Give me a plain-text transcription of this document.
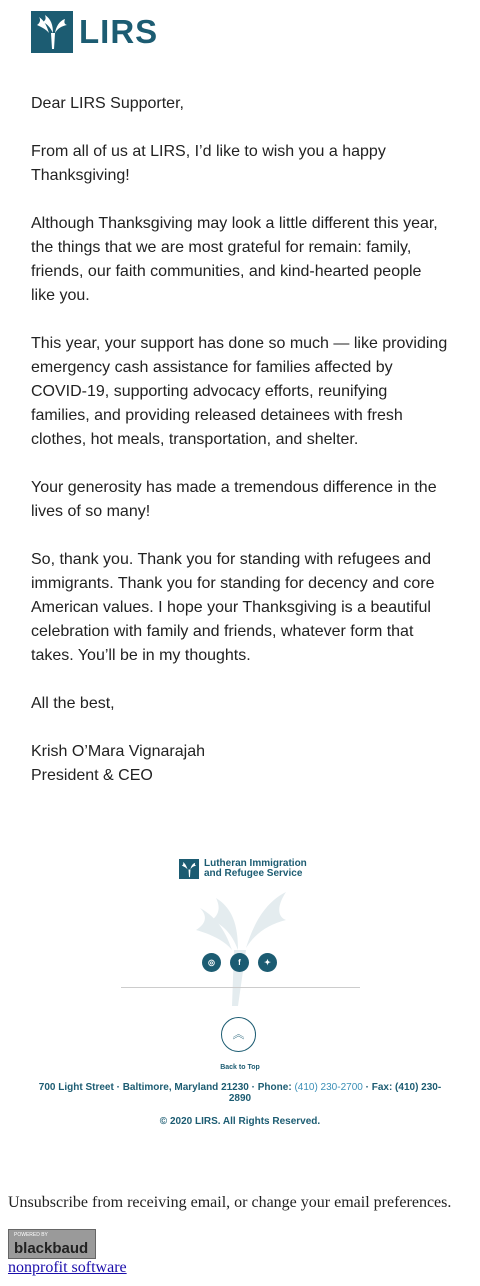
LIRS

Dear LIRS Supporter,

From all of us at LIRS, I’d like to wish you a happy Thanksgiving!

Although Thanksgiving may look a little different this year, the things that we are most grateful for remain: family, friends, our faith communities, and kind-hearted people like you.

This year, your support has done so much — like providing emergency cash assistance for families affected by COVID-19, supporting advocacy efforts, reunifying families, and providing released detainees with fresh clothes, hot meals, transportation, and shelter.

Your generosity has made a tremendous difference in the lives of so many!

So, thank you. Thank you for standing with refugees and immigrants. Thank you for standing for decency and core American values. I hope your Thanksgiving is a beautiful celebration with family and friends, whatever form that takes. You’ll be in my thoughts.

All the best,

Krish O’Mara Vignarajah

President & CEO

Lutheran Immigration
and Refugee Service
◎	f	✦
︽
Back to Top
700 Light Street · Baltimore, Maryland 21230 · Phone: (410) 230-2700 · Fax: (410) 230-2890
© 2020 LIRS. All Rights Reserved.
Unsubscribe from receiving email, or change your email preferences.
POWERED BY
blackbaud
nonprofit software
